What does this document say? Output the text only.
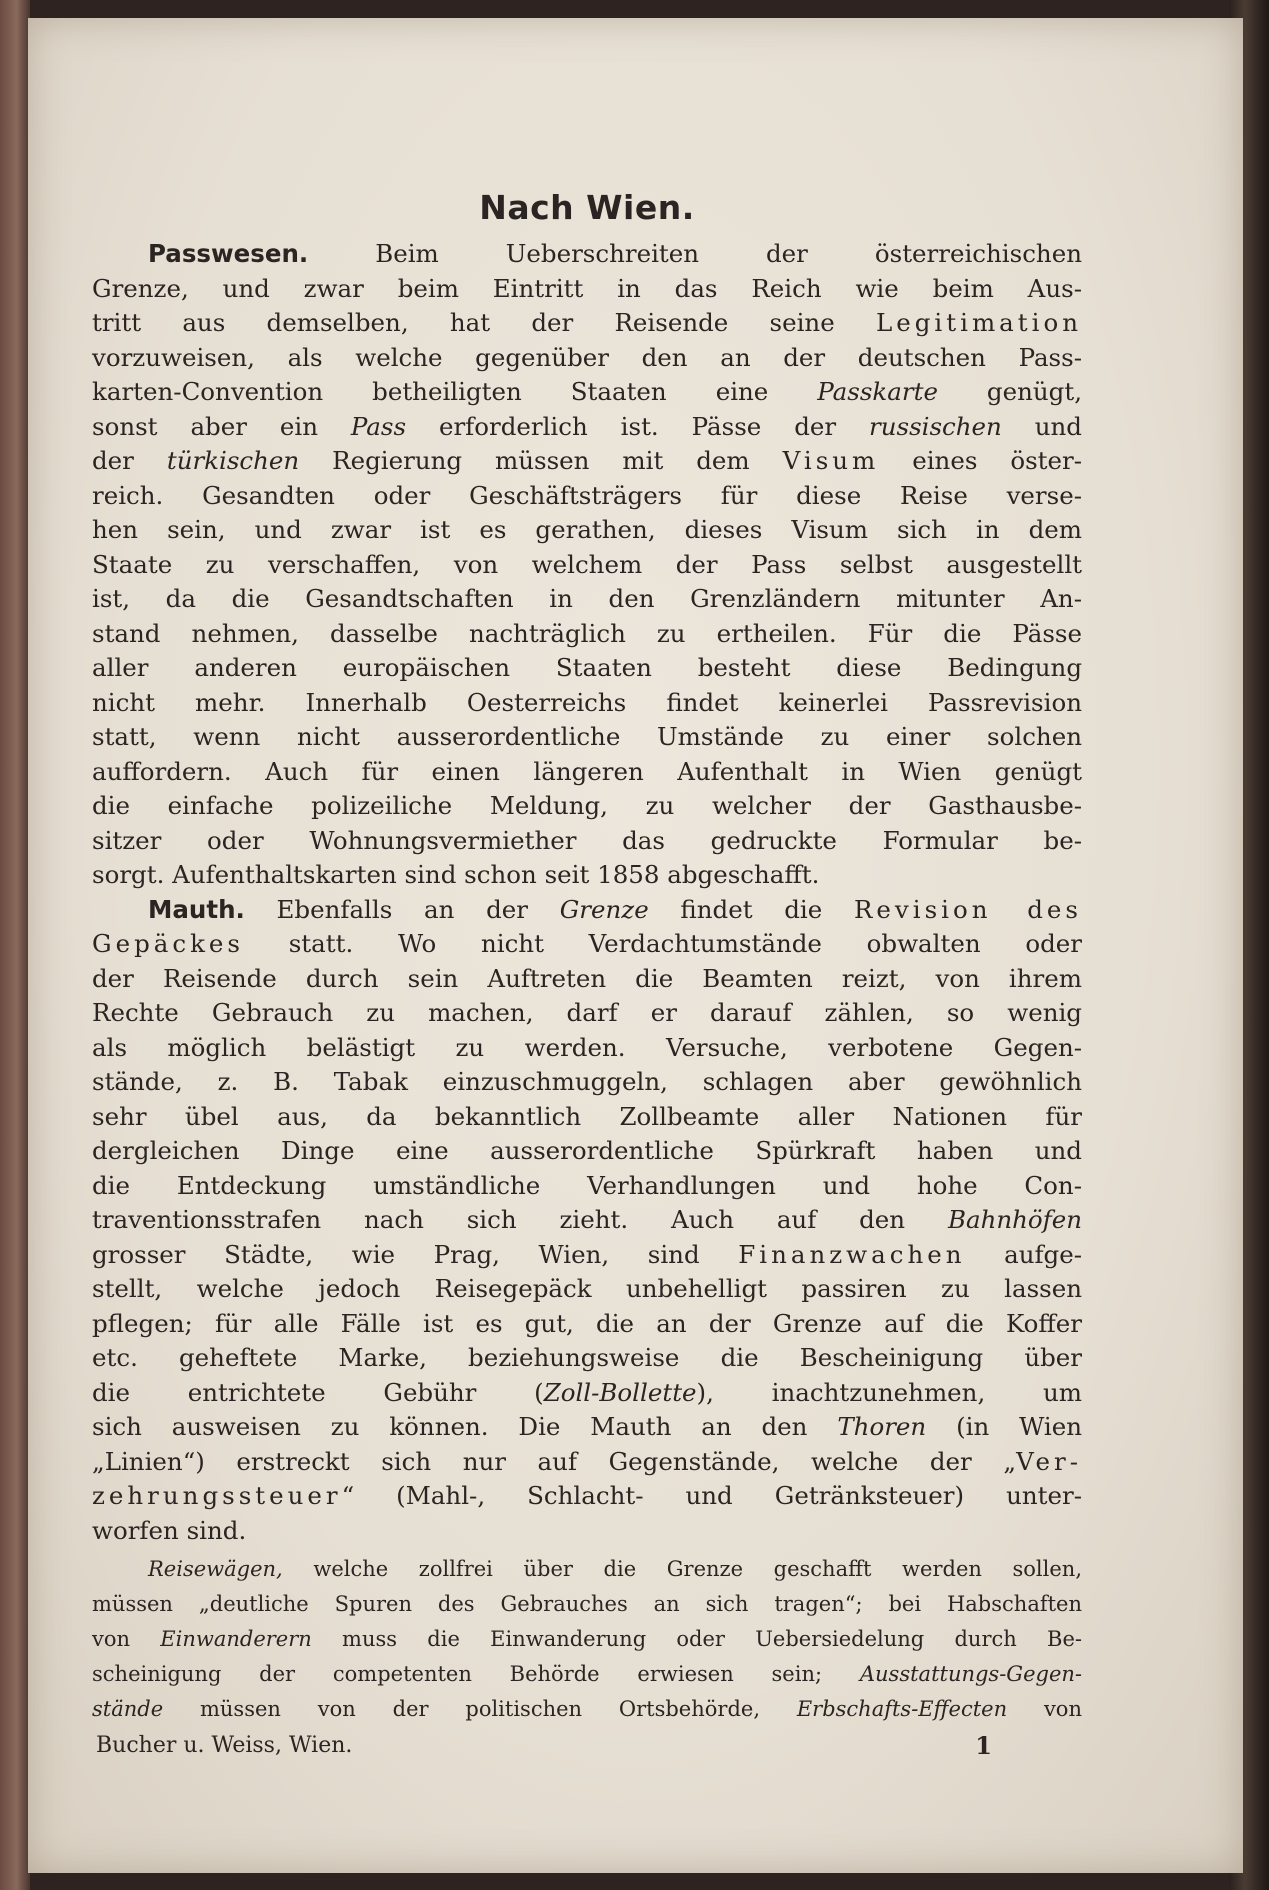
Nach Wien.
Passwesen.	Beim Ueberschreiten der österreichischen
Grenze, und zwar beim Eintritt in das Reich wie beim Aus-
tritt aus demselben, hat der Reisende seine Legitimation
vorzuweisen, als welche gegenüber den an der deutschen Pass-
karten-Convention betheiligten Staaten eine Passkarte genügt,
sonst aber ein Pass erforderlich ist. Pässe der russischen und
der türkischen Regierung müssen mit dem Visum eines öster-
reich. Gesandten oder Geschäftsträgers für diese Reise verse-
hen sein, und zwar ist es gerathen, dieses Visum sich in dem
Staate zu verschaffen, von welchem der Pass selbst ausgestellt
ist, da die Gesandtschaften in den Grenzländern mitunter An-
stand nehmen, dasselbe nachträglich zu ertheilen. Für die Pässe
aller anderen europäischen Staaten besteht diese Bedingung
nicht mehr. Innerhalb Oesterreichs findet keinerlei Passrevision
statt, wenn nicht ausserordentliche Umstände zu einer solchen
auffordern. Auch für einen längeren Aufenthalt in Wien genügt
die einfache polizeiliche Meldung, zu welcher der Gasthausbe-
sitzer oder Wohnungsvermiether das gedruckte Formular be-
sorgt. Aufenthaltskarten sind schon seit 1858 abgeschafft.
Mauth. Ebenfalls an der Grenze findet die Revision des
Gepäckes statt. Wo nicht Verdachtumstände obwalten oder
der Reisende durch sein Auftreten die Beamten reizt, von ihrem
Rechte Gebrauch zu machen, darf er darauf zählen, so wenig
als möglich belästigt zu werden. Versuche, verbotene Gegen-
stände, z. B. Tabak einzuschmuggeln, schlagen aber gewöhnlich
sehr übel aus, da bekanntlich Zollbeamte aller Nationen für
dergleichen Dinge eine ausserordentliche Spürkraft haben und
die Entdeckung umständliche Verhandlungen und hohe Con-
traventionsstrafen nach sich zieht. Auch auf den Bahnhöfen
grosser Städte, wie Prag, Wien, sind Finanzwachen aufge-
stellt, welche jedoch Reisegepäck unbehelligt passiren zu lassen
pflegen; für alle Fälle ist es gut, die an der Grenze auf die Koffer
etc. geheftete Marke, beziehungsweise die Bescheinigung über
die entrichtete Gebühr (Zoll-Bollette), inachtzunehmen, um
sich ausweisen zu können. Die Mauth an den Thoren (in Wien
„Linien“) erstreckt sich nur auf Gegenstände, welche der „Ver-
zehrungssteuer“ (Mahl-, Schlacht- und Getränksteuer) unter-
worfen sind.
Reisewägen, welche zollfrei über die Grenze geschafft werden sollen,
müssen „deutliche Spuren des Gebrauches an sich tragen“; bei Habschaften
von Einwanderern muss die Einwanderung oder Uebersiedelung durch Be-
scheinigung der competenten Behörde erwiesen sein; Ausstattungs-Gegen-
stände müssen von der politischen Ortsbehörde, Erbschafts-Effecten von
Bucher u. Weiss, Wien.	1
